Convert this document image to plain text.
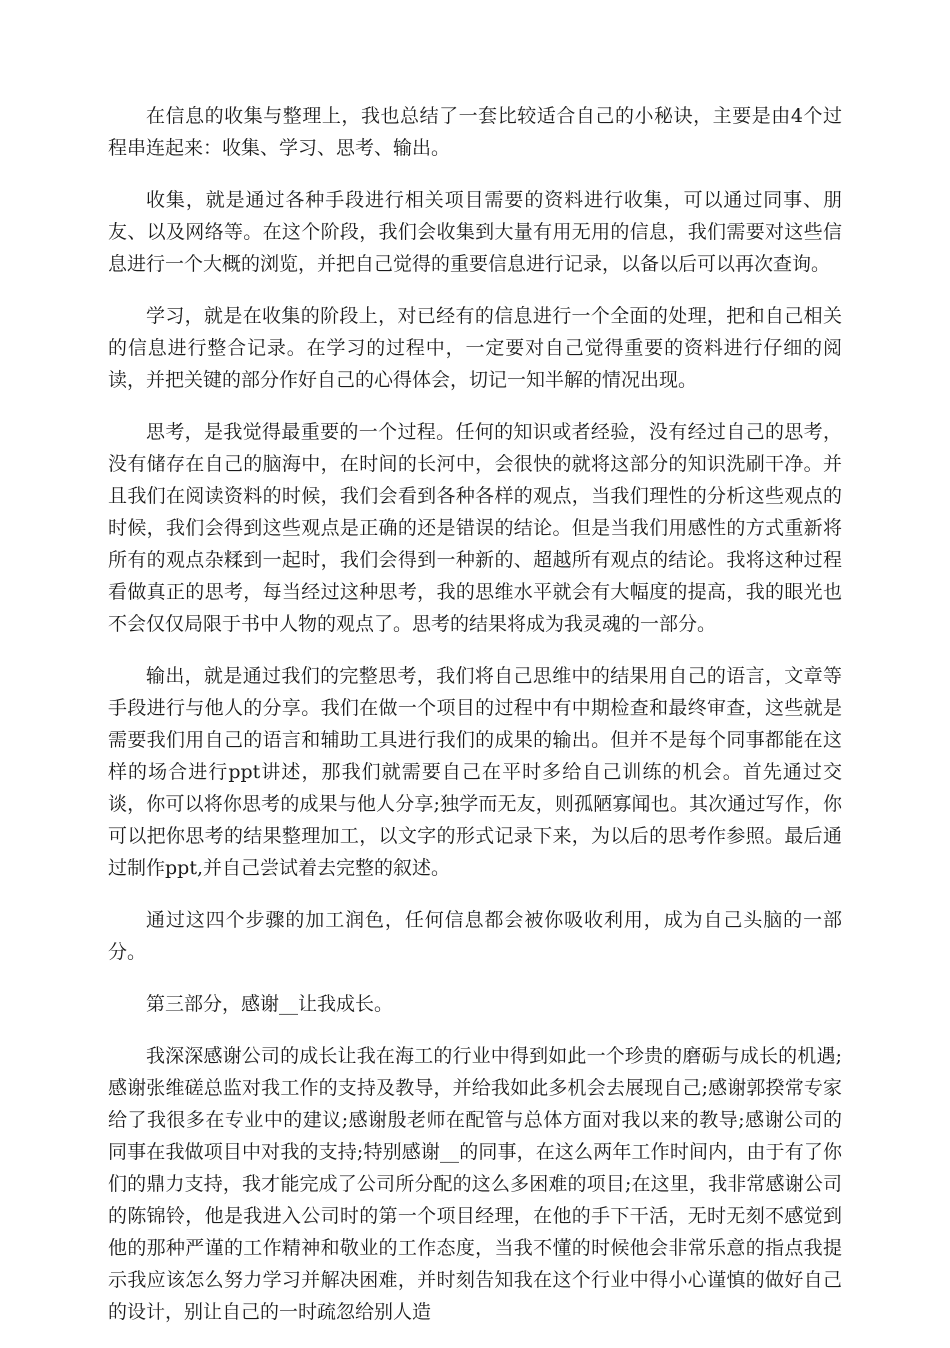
在信息的收集与整理上，我也总结了一套比较适合自己的小秘诀，主要是由4个过程串连起来：收集、学习、思考、输出。

收集，就是通过各种手段进行相关项目需要的资料进行收集，可以通过同事、朋友、以及网络等。在这个阶段，我们会收集到大量有用无用的信息，我们需要对这些信息进行一个大概的浏览，并把自己觉得的重要信息进行记录，以备以后可以再次查询。

学习，就是在收集的阶段上，对已经有的信息进行一个全面的处理，把和自己相关的信息进行整合记录。在学习的过程中，一定要对自己觉得重要的资料进行仔细的阅读，并把关键的部分作好自己的心得体会，切记一知半解的情况出现。

思考，是我觉得最重要的一个过程。任何的知识或者经验，没有经过自己的思考，没有储存在自己的脑海中，在时间的长河中，会很快的就将这部分的知识洗刷干净。并且我们在阅读资料的时候，我们会看到各种各样的观点，当我们理性的分析这些观点的时候，我们会得到这些观点是正确的还是错误的结论。但是当我们用感性的方式重新将所有的观点杂糅到一起时，我们会得到一种新的、超越所有观点的结论。我将这种过程看做真正的思考，每当经过这种思考，我的思维水平就会有大幅度的提高，我的眼光也不会仅仅局限于书中人物的观点了。思考的结果将成为我灵魂的一部分。

输出，就是通过我们的完整思考，我们将自己思维中的结果用自己的语言，文章等手段进行与他人的分享。我们在做一个项目的过程中有中期检查和最终审查，这些就是需要我们用自己的语言和辅助工具进行我们的成果的输出。但并不是每个同事都能在这样的场合进行ppt讲述，那我们就需要自己在平时多给自己训练的机会。首先通过交谈，你可以将你思考的成果与他人分享;独学而无友，则孤陋寡闻也。其次通过写作，你可以把你思考的结果整理加工，以文字的形式记录下来，为以后的思考作参照。最后通过制作ppt,并自己尝试着去完整的叙述。

通过这四个步骤的加工润色，任何信息都会被你吸收利用，成为自己头脑的一部分。

第三部分，感谢__让我成长。

我深深感谢公司的成长让我在海工的行业中得到如此一个珍贵的磨砺与成长的机遇;感谢张维磋总监对我工作的支持及教导，并给我如此多机会去展现自己;感谢郭揆常专家给了我很多在专业中的建议;感谢殷老师在配管与总体方面对我以来的教导;感谢公司的同事在我做项目中对我的支持;特别感谢__的同事，在这么两年工作时间内，由于有了你们的鼎力支持，我才能完成了公司所分配的这么多困难的项目;在这里，我非常感谢公司的陈锦铃，他是我进入公司时的第一个项目经理，在他的手下干活，无时无刻不感觉到他的那种严谨的工作精神和敬业的工作态度，当我不懂的时候他会非常乐意的指点我提示我应该怎么努力学习并解决困难，并时刻告知我在这个行业中得小心谨慎的做好自己的设计，别让自己的一时疏忽给别人造
